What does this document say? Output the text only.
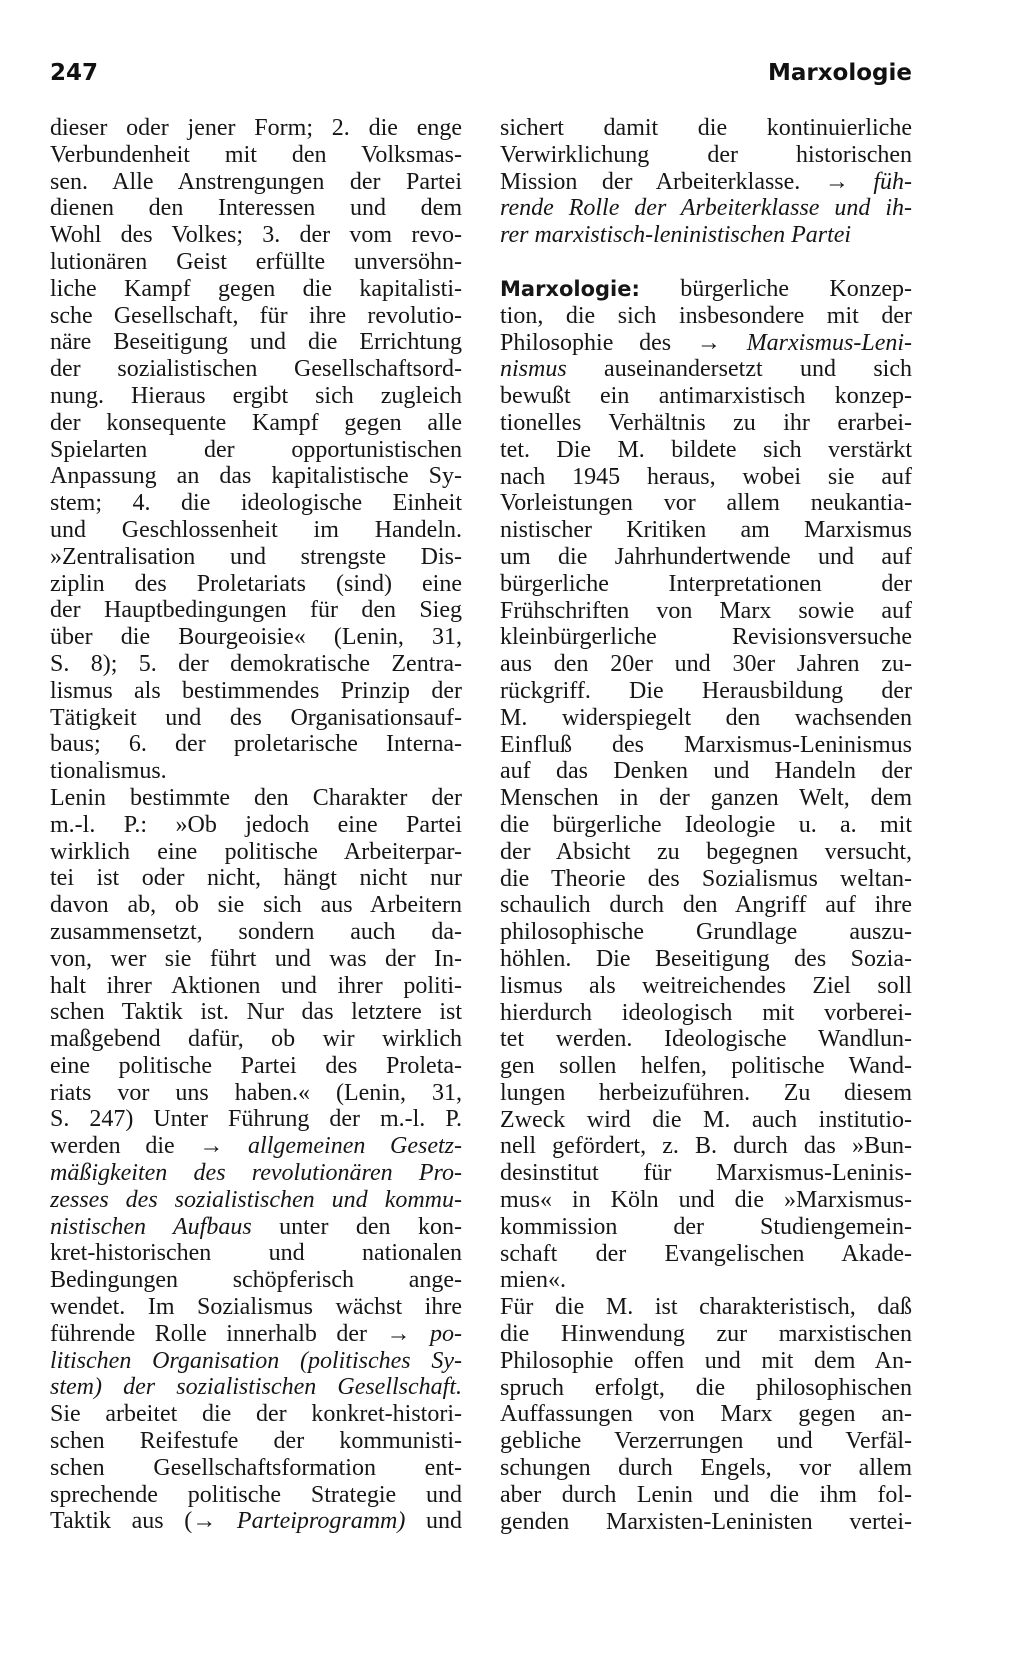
247	Marxologie
dieser oder jener Form; 2. die enge
Verbundenheit mit den Volksmas-
sen. Alle Anstrengungen der Partei
dienen den Interessen und dem
Wohl des Volkes; 3. der vom revo-
lutionären Geist erfüllte unversöhn-
liche Kampf gegen die kapitalisti-
sche Gesellschaft, für ihre revolutio-
näre Beseitigung und die Errichtung
der sozialistischen Gesellschaftsord-
nung. Hieraus ergibt sich zugleich
der konsequente Kampf gegen alle
Spielarten der opportunistischen
Anpassung an das kapitalistische Sy-
stem; 4. die ideologische Einheit
und Geschlossenheit im Handeln.
»Zentralisation und strengste Dis-
ziplin des Proletariats (sind) eine
der Hauptbedingungen für den Sieg
über die Bourgeoisie« (Lenin, 31,
S. 8); 5. der demokratische Zentra-
lismus als bestimmendes Prinzip der
Tätigkeit und des Organisationsauf-
baus; 6. der proletarische Interna-
tionalismus.
Lenin bestimmte den Charakter der
m.-l. P.: »Ob jedoch eine Partei
wirklich eine politische Arbeiterpar-
tei ist oder nicht, hängt nicht nur
davon ab, ob sie sich aus Arbeitern
zusammensetzt, sondern auch da-
von, wer sie führt und was der In-
halt ihrer Aktionen und ihrer politi-
schen Taktik ist. Nur das letztere ist
maßgebend dafür, ob wir wirklich
eine politische Partei des Proleta-
riats vor uns haben.« (Lenin, 31,
S. 247) Unter Führung der m.-l. P.
werden die → allgemeinen Gesetz-
mäßigkeiten des revolutionären Pro-
zesses des sozialistischen und kommu-
nistischen Aufbaus unter den kon-
kret-historischen und nationalen
Bedingungen schöpferisch ange-
wendet. Im Sozialismus wächst ihre
führende Rolle innerhalb der → po-
litischen Organisation (politisches Sy-
stem) der sozialistischen Gesellschaft.
Sie arbeitet die der konkret-histori-
schen Reifestufe der kommunisti-
schen Gesellschaftsformation ent-
sprechende politische Strategie und
Taktik aus (→ Parteiprogramm) und
sichert damit die kontinuierliche
Verwirklichung der historischen
Mission der Arbeiterklasse. → füh-
rende Rolle der Arbeiterklasse und ih-
rer marxistisch-leninistischen Partei
Marxologie: bürgerliche Konzep-
tion, die sich insbesondere mit der
Philosophie des → Marxismus-Leni-
nismus auseinandersetzt und sich
bewußt ein antimarxistisch konzep-
tionelles Verhältnis zu ihr erarbei-
tet. Die M. bildete sich verstärkt
nach 1945 heraus, wobei sie auf
Vorleistungen vor allem neukantia-
nistischer Kritiken am Marxismus
um die Jahrhundertwende und auf
bürgerliche Interpretationen der
Frühschriften von Marx sowie auf
kleinbürgerliche Revisionsversuche
aus den 20er und 30er Jahren zu-
rückgriff. Die Herausbildung der
M. widerspiegelt den wachsenden
Einfluß des Marxismus-Leninismus
auf das Denken und Handeln der
Menschen in der ganzen Welt, dem
die bürgerliche Ideologie u. a. mit
der Absicht zu begegnen versucht,
die Theorie des Sozialismus weltan-
schaulich durch den Angriff auf ihre
philosophische Grundlage auszu-
höhlen. Die Beseitigung des Sozia-
lismus als weitreichendes Ziel soll
hierdurch ideologisch mit vorberei-
tet werden. Ideologische Wandlun-
gen sollen helfen, politische Wand-
lungen herbeizuführen. Zu diesem
Zweck wird die M. auch institutio-
nell gefördert, z. B. durch das »Bun-
desinstitut für Marxismus-Leninis-
mus« in Köln und die »Marxismus-
kommission der Studiengemein-
schaft der Evangelischen Akade-
mien«.
Für die M. ist charakteristisch, daß
die Hinwendung zur marxistischen
Philosophie offen und mit dem An-
spruch erfolgt, die philosophischen
Auffassungen von Marx gegen an-
gebliche Verzerrungen und Verfäl-
schungen durch Engels, vor allem
aber durch Lenin und die ihm fol-
genden Marxisten-Leninisten vertei-
